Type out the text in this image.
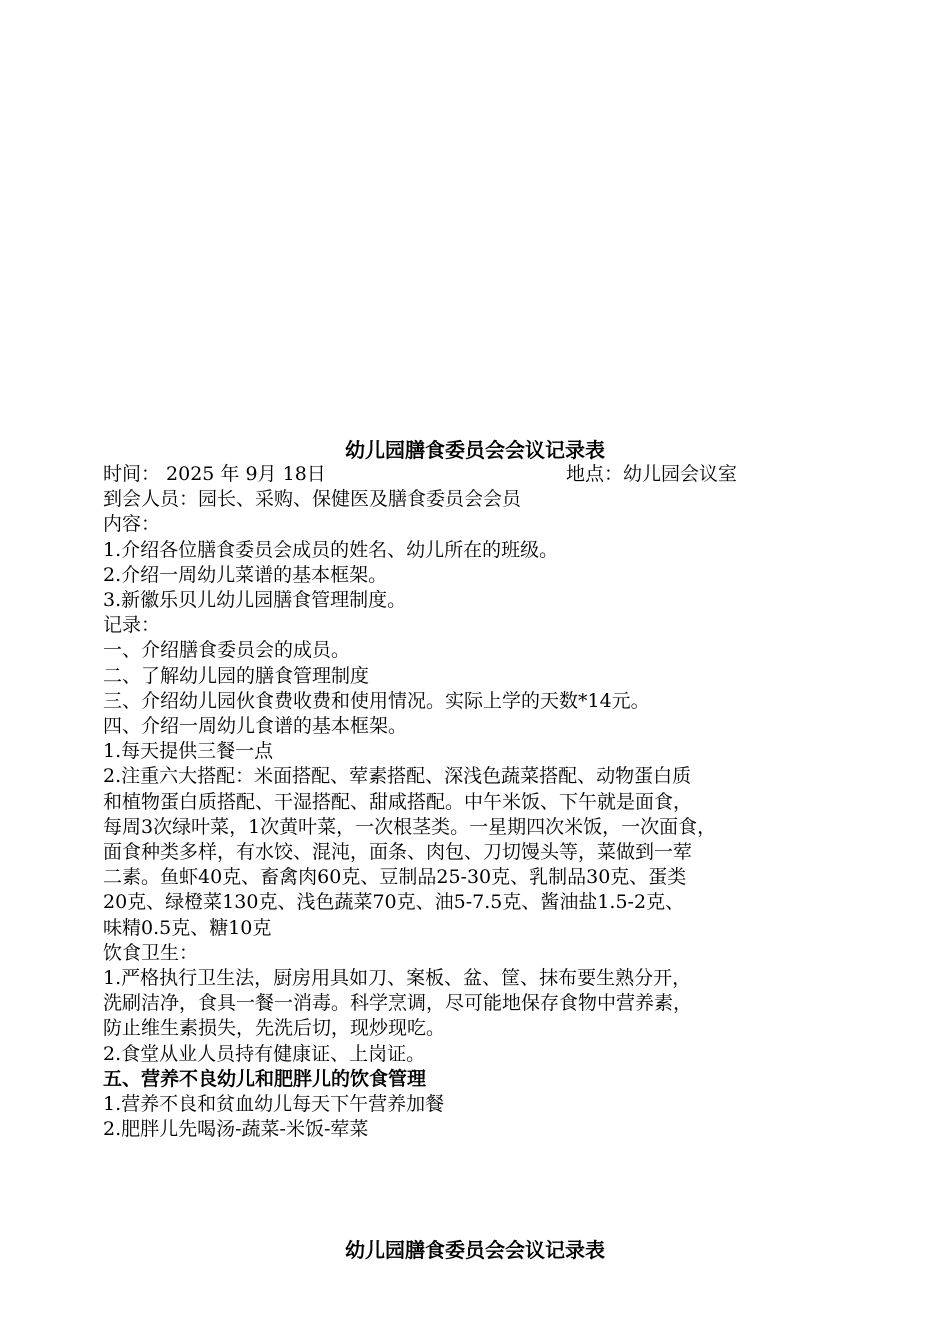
幼儿园膳食委员会会议记录表
时间： 2025 年 9月 18日	地点：幼儿园会议室
到会人员：园长、采购、保健医及膳食委员会会员
内容：
1.介绍各位膳食委员会成员的姓名、幼儿所在的班级。
2.介绍一周幼儿菜谱的基本框架。
3.新徽乐贝儿幼儿园膳食管理制度。
记录：
一、介绍膳食委员会的成员。
二、了解幼儿园的膳食管理制度
三、介绍幼儿园伙食费收费和使用情况。实际上学的天数*14元。
四、介绍一周幼儿食谱的基本框架。
1.每天提供三餐一点
2.注重六大搭配：米面搭配、荤素搭配、深浅色蔬菜搭配、动物蛋白质
和植物蛋白质搭配、干湿搭配、甜咸搭配。中午米饭、下午就是面食，
每周3次绿叶菜，1次黄叶菜，一次根茎类。一星期四次米饭，一次面食，
面食种类多样，有水饺、混沌，面条、肉包、刀切馒头等，菜做到一荤
二素。鱼虾40克、畜禽肉60克、豆制品25-30克、乳制品30克、蛋类
20克、绿橙菜130克、浅色蔬菜70克、油5-7.5克、酱油盐1.5-2克、
味精0.5克、糖10克
饮食卫生：
1.严格执行卫生法，厨房用具如刀、案板、盆、筐、抹布要生熟分开，
洗刷洁净，食具一餐一消毒。科学烹调，尽可能地保存食物中营养素，
防止维生素损失，先洗后切，现炒现吃。
2.食堂从业人员持有健康证、上岗证。
五、营养不良幼儿和肥胖儿的饮食管理
1.营养不良和贫血幼儿每天下午营养加餐
2.肥胖儿先喝汤-蔬菜-米饭-荤菜
幼儿园膳食委员会会议记录表
